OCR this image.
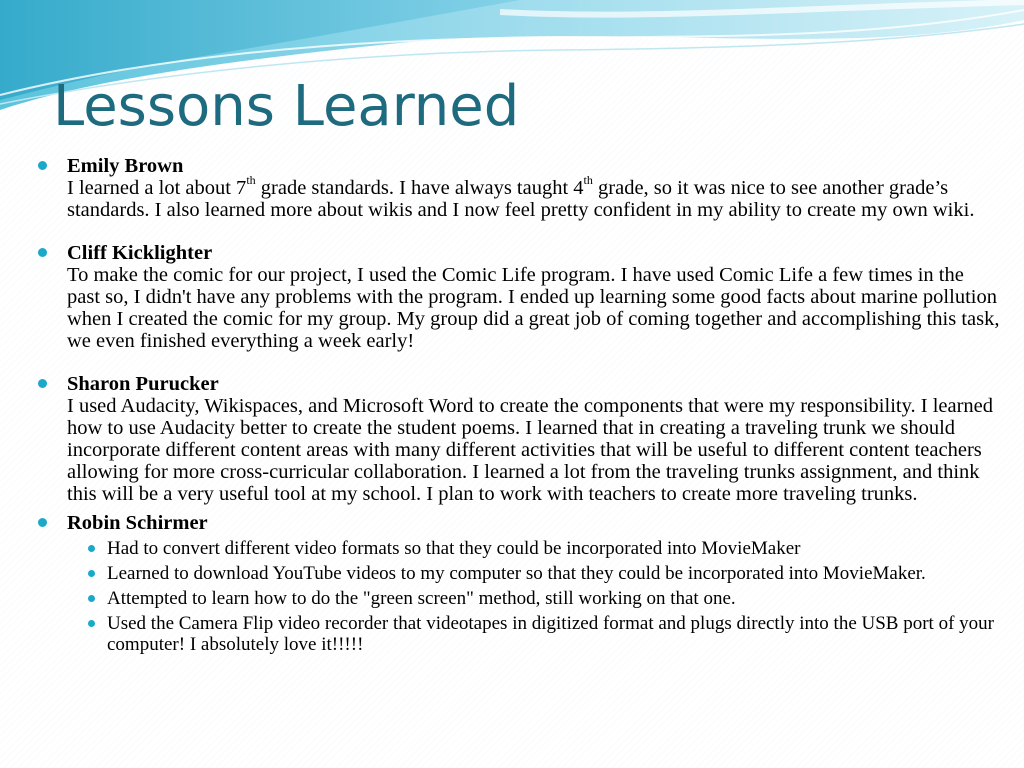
Lessons Learned
Emily Brown
I learned a lot about 7th grade standards. I have always taught 4th grade, so it was nice to see another grade’s standards. I also learned more about wikis and I now feel pretty confident in my ability to create my own wiki.
Cliff Kicklighter
To make the comic for our project, I used the Comic Life program. I have used Comic Life a few times in the past so, I didn't have any problems with the program. I ended up learning some good facts about marine pollution when I created the comic for my group. My group did a great job of coming together and accomplishing this task, we even finished everything a week early!
Sharon Purucker
I used Audacity, Wikispaces, and Microsoft Word to create the components that were my responsibility. I learned how to use Audacity better to create the student poems. I learned that in creating a traveling trunk we should incorporate different content areas with many different activities that will be useful to different content teachers allowing for more cross-curricular collaboration. I learned a lot from the traveling trunks assignment, and think this will be a very useful tool at my school. I plan to work with teachers to create more traveling trunks.
Robin Schirmer
Had to convert different video formats so that they could be incorporated into MovieMaker
Learned to download YouTube videos to my computer so that they could be incorporated into MovieMaker.
Attempted to learn how to do the "green screen" method, still working on that one.
Used the Camera Flip video recorder that videotapes in digitized format and plugs directly into the USB port of your computer! I absolutely love it!!!!!
